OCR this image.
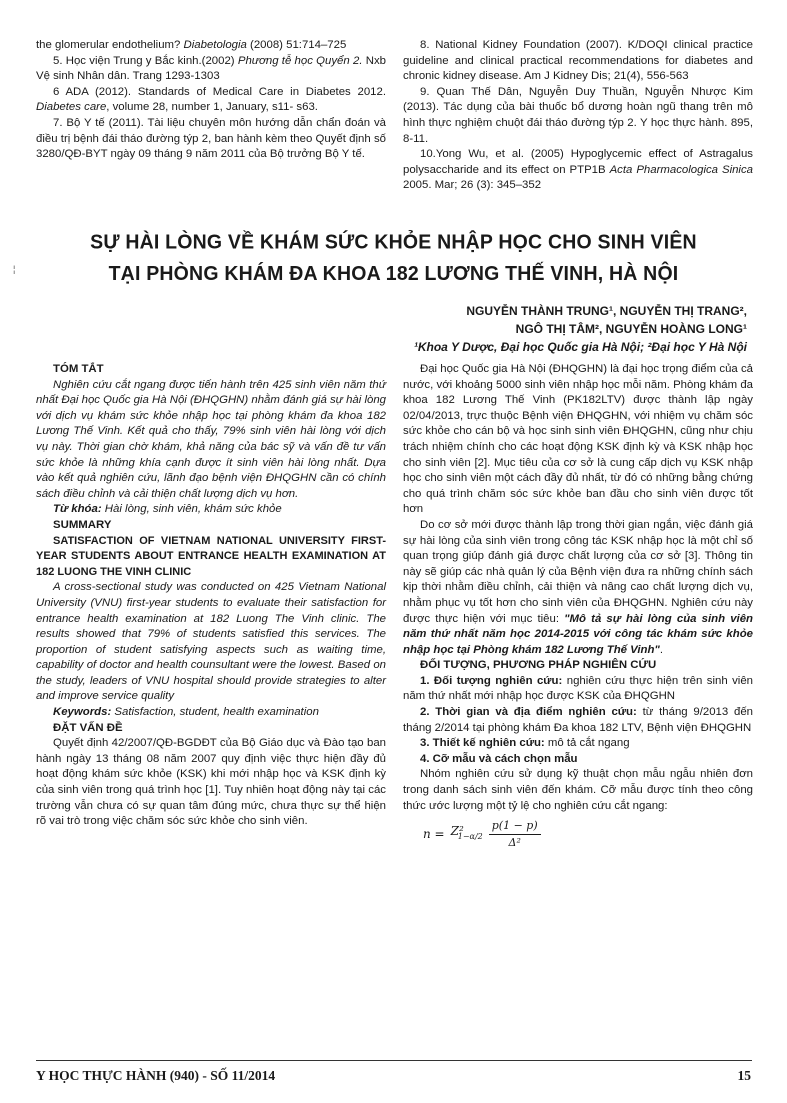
the glomerular endothelium? Diabetologia (2008) 51:714–725

5. Học viện Trung y Bắc kinh.(2002) Phương tễ học Quyển 2. Nxb Vệ sinh Nhân dân. Trang 1293-1303

6 ADA (2012). Standards of Medical Care in Diabetes 2012. Diabetes care, volume 28, number 1, January, s11- s63.

7. Bộ Y tế (2011). Tài liệu chuyên môn hướng dẫn chẩn đoán và điều trị bệnh đái tháo đường týp 2, ban hành kèm theo Quyết định số 3280/QĐ-BYT ngày 09 tháng 9 năm 2011 của Bộ trưởng Bộ Y tế.

8. National Kidney Foundation (2007). K/DOQI clinical practice guideline and clinical practical recommendations for diabetes and chronic kidney disease. Am J Kidney Dis; 21(4), 556-563

9. Quan Thế Dân, Nguyễn Duy Thuần, Nguyễn Nhược Kim (2013). Tác dụng của bài thuốc bổ dương hoàn ngũ thang trên mô hình thực nghiệm chuột đái tháo đường týp 2. Y học thực hành. 895, 8-11.

10.Yong Wu, et al. (2005) Hypoglycemic effect of Astragalus polysaccharide and its effect on PTP1B Acta Pharmacologica Sinica 2005. Mar; 26 (3): 345–352

¦
SỰ HÀI LÒNG VỀ KHÁM SỨC KHỎE NHẬP HỌC CHO SINH VIÊN
TẠI PHÒNG KHÁM ĐA KHOA 182 LƯƠNG THẾ VINH, HÀ NỘI
NGUYỄN THÀNH TRUNG¹, NGUYỄN THỊ TRANG²,
NGÔ THỊ TÂM², NGUYỄN HOÀNG LONG¹
¹Khoa Y Dược, Đại học Quốc gia Hà Nội; ²Đại học Y Hà Nội

TÓM TẮT

Nghiên cứu cắt ngang được tiến hành trên 425 sinh viên năm thứ nhất Đại học Quốc gia Hà Nội (ĐHQGHN) nhằm đánh giá sự hài lòng với dịch vụ khám sức khỏe nhập học tại phòng khám đa khoa 182 Lương Thế Vinh. Kết quả cho thấy, 79% sinh viên hài lòng với dịch vụ này. Thời gian chờ khám, khả năng của bác sỹ và vấn đề tư vấn sức khỏe là những khía cạnh được ít sinh viên hài lòng nhất. Dựa vào kết quả nghiên cứu, lãnh đạo bệnh viện ĐHQGHN cần có chính sách điều chỉnh và cải thiện chất lượng dịch vụ hơn.

Từ khóa: Hài lòng, sinh viên, khám sức khỏe

SUMMARY

SATISFACTION OF VIETNAM NATIONAL UNIVERSITY FIRST-YEAR STUDENTS ABOUT ENTRANCE HEALTH EXAMINATION AT 182 LUONG THE VINH CLINIC

A cross-sectional study was conducted on 425 Vietnam National University (VNU) first-year students to evaluate their satisfaction for entrance health examination at 182 Luong The Vinh clinic. The results showed that 79% of students satisfied this services. The proportion of student satisfying aspects such as waiting time, capability of doctor and health counsultant were the lowest. Based on the study, leaders of VNU hospital should provide strategies to alter and improve service quality

Keywords: Satisfaction, student, health examination

ĐẶT VẤN ĐỀ

Quyết định 42/2007/QĐ-BGDĐT của Bộ Giáo dục và Đào tạo ban hành ngày 13 tháng 08 năm 2007 quy định việc thực hiện đầy đủ hoạt động khám sức khỏe (KSK) khi mới nhập học và KSK định kỳ của sinh viên trong quá trình học [1]. Tuy nhiên hoạt động này tại các trường vẫn chưa có sự quan tâm đúng mức, chưa thực sự thể hiện rõ vai trò trong việc chăm sóc sức khỏe cho sinh viên.

Đại học Quốc gia Hà Nội (ĐHQGHN) là đại học trọng điểm của cả nước, với khoảng 5000 sinh viên nhập học mỗi năm. Phòng khám đa khoa 182 Lương Thế Vinh (PK182LTV) được thành lập ngày 02/04/2013, trực thuộc Bệnh viện ĐHQGHN, với nhiệm vụ chăm sóc sức khỏe cho cán bộ và học sinh sinh viên ĐHQGHN, cũng như chịu trách nhiệm chính cho các hoạt động KSK định kỳ và KSK nhập học cho sinh viên [2]. Mục tiêu của cơ sở là cung cấp dịch vụ KSK nhập học cho sinh viên một cách đầy đủ nhất, từ đó có những bằng chứng cho quá trình chăm sóc sức khỏe ban đầu cho sinh viên được tốt hơn

Do cơ sở mới được thành lập trong thời gian ngắn, việc đánh giá sự hài lòng của sinh viên trong công tác KSK nhập học là một chỉ số quan trọng giúp đánh giá được chất lượng của cơ sở [3]. Thông tin này sẽ giúp các nhà quản lý của Bệnh viện đưa ra những chính sách kịp thời nhằm điều chỉnh, cải thiện và nâng cao chất lượng dịch vụ, nhằm phục vụ tốt hơn cho sinh viên của ĐHQGHN. Nghiên cứu này được thực hiện với mục tiêu: "Mô tả sự hài lòng của sinh viên năm thứ nhất năm học 2014-2015 với công tác khám sức khỏe nhập học tại Phòng khám 182 Lương Thế Vinh".

ĐỐI TƯỢNG, PHƯƠNG PHÁP NGHIÊN CỨU

1. Đối tượng nghiên cứu: nghiên cứu thực hiện trên sinh viên năm thứ nhất mới nhập học được KSK của ĐHQGHN

2. Thời gian và địa điểm nghiên cứu: từ tháng 9/2013 đến tháng 2/2014 tại phòng khám Đa khoa 182 LTV, Bệnh viện ĐHQGHN

3. Thiết kế nghiên cứu: mô tả cắt ngang

4. Cỡ mẫu và cách chọn mẫu

Nhóm nghiên cứu sử dụng kỹ thuật chọn mẫu ngẫu nhiên đơn trong danh sách sinh viên đến khám. Cỡ mẫu được tính theo công thức ước lượng một tỷ lệ cho nghiên cứu cắt ngang:

$n = Z^2_{1-\alpha/2} \frac{p(1 - p)}{\text{Δ²}}$
Y HỌC THỰC HÀNH (940) - SỐ 11/2014	15
